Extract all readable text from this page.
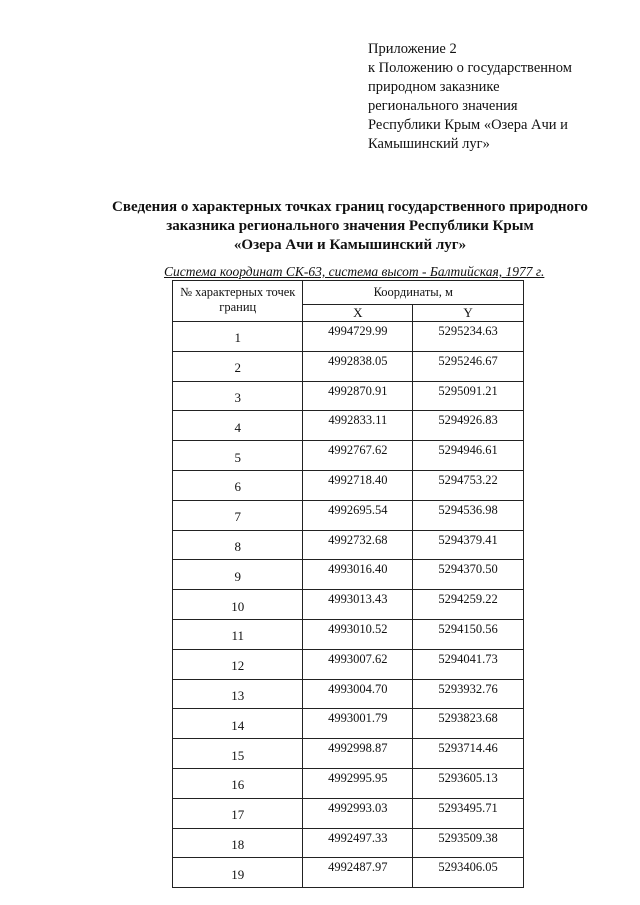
Приложение 2
к Положению о государственном
природном заказнике
регионального значения
Республики Крым «Озера Ачи и
Камышинский луг»
Сведения о характерных точках границ государственного природного
заказника регионального значения Республики Крым
«Озера Ачи и Камышинский луг»
Система координат СК-63, система высот - Балтийская, 1977 г.
№ характерных точек границ	Координаты, м	
	X	Y
1	4994729.99	5295234.63
2	4992838.05	5295246.67
3	4992870.91	5295091.21
4	4992833.11	5294926.83
5	4992767.62	5294946.61
6	4992718.40	5294753.22
7	4992695.54	5294536.98
8	4992732.68	5294379.41
9	4993016.40	5294370.50
10	4993013.43	5294259.22
11	4993010.52	5294150.56
12	4993007.62	5294041.73
13	4993004.70	5293932.76
14	4993001.79	5293823.68
15	4992998.87	5293714.46
16	4992995.95	5293605.13
17	4992993.03	5293495.71
18	4992497.33	5293509.38
19	4992487.97	5293406.05
